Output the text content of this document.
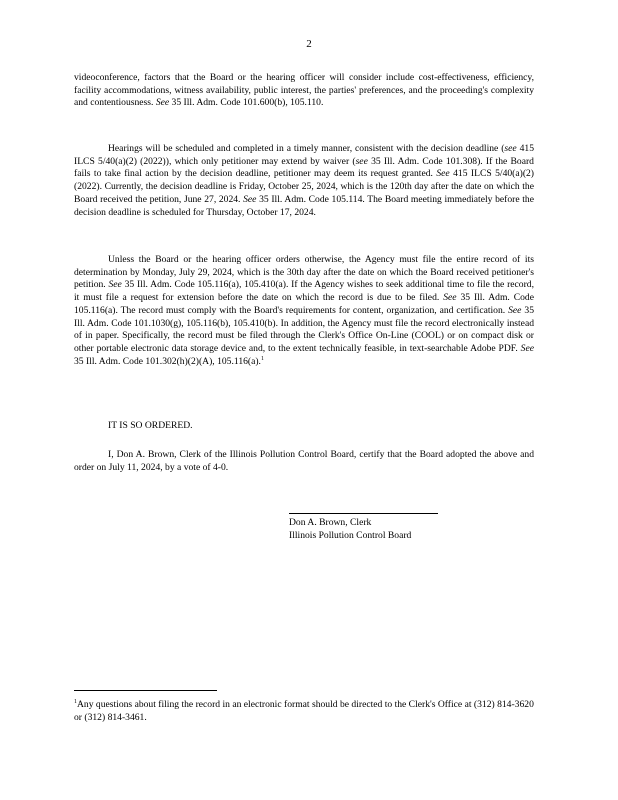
2

videoconference, factors that the Board or the hearing officer will consider include cost-effectiveness, efficiency, facility accommodations, witness availability, public interest, the parties' preferences, and the proceeding's complexity and contentiousness. See 35 Ill. Adm. Code 101.600(b), 105.110.

Hearings will be scheduled and completed in a timely manner, consistent with the decision deadline (see 415 ILCS 5/40(a)(2) (2022)), which only petitioner may extend by waiver (see 35 Ill. Adm. Code 101.308). If the Board fails to take final action by the decision deadline, petitioner may deem its request granted. See 415 ILCS 5/40(a)(2) (2022). Currently, the decision deadline is Friday, October 25, 2024, which is the 120th day after the date on which the Board received the petition, June 27, 2024. See 35 Ill. Adm. Code 105.114. The Board meeting immediately before the decision deadline is scheduled for Thursday, October 17, 2024.

Unless the Board or the hearing officer orders otherwise, the Agency must file the entire record of its determination by Monday, July 29, 2024, which is the 30th day after the date on which the Board received petitioner's petition. See 35 Ill. Adm. Code 105.116(a), 105.410(a). If the Agency wishes to seek additional time to file the record, it must file a request for extension before the date on which the record is due to be filed. See 35 Ill. Adm. Code 105.116(a). The record must comply with the Board's requirements for content, organization, and certification. See 35 Ill. Adm. Code 101.1030(g), 105.116(b), 105.410(b). In addition, the Agency must file the record electronically instead of in paper. Specifically, the record must be filed through the Clerk's Office On-Line (COOL) or on compact disk or other portable electronic data storage device and, to the extent technically feasible, in text-searchable Adobe PDF. See 35 Ill. Adm. Code 101.302(h)(2)(A), 105.116(a).$^1$

IT IS SO ORDERED.

I, Don A. Brown, Clerk of the Illinois Pollution Control Board, certify that the Board adopted the above and order on July 11, 2024, by a vote of 4-0.

Don A. Brown, Clerk
Illinois Pollution Control Board

$^1$Any questions about filing the record in an electronic format should be directed to the Clerk's Office at (312) 814-3620 or (312) 814-3461.
